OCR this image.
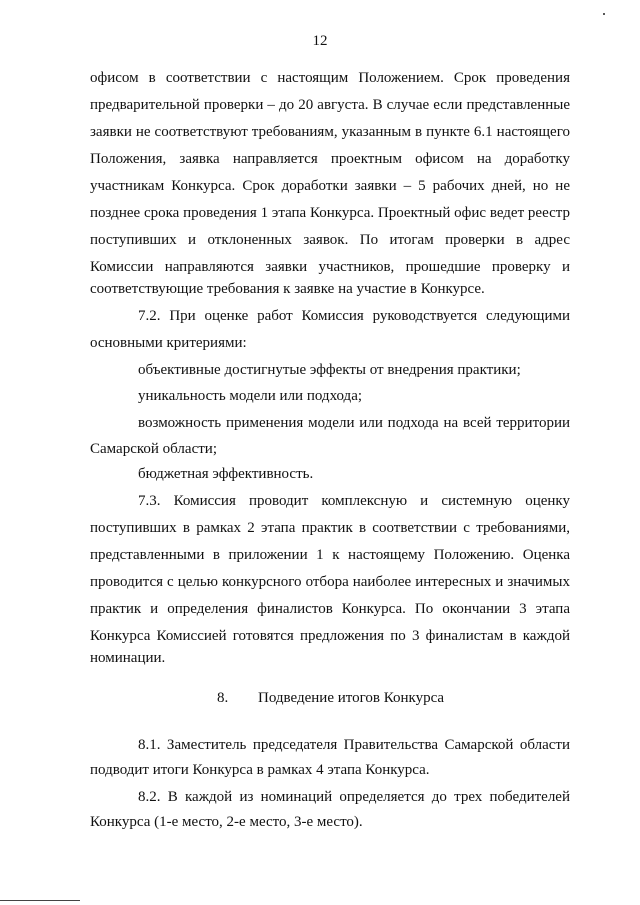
12
офисом в соответствии с настоящим Положением. Срок проведения
предварительной проверки – до 20 августа. В случае если представленные
заявки не соответствуют требованиям, указанным в пункте 6.1 настоящего
Положения, заявка направляется проектным офисом на доработку
участникам Конкурса. Срок доработки заявки – 5 рабочих дней, но не
позднее срока проведения 1 этапа Конкурса. Проектный офис ведет реестр
поступивших и отклоненных заявок. По итогам проверки в адрес
Комиссии направляются заявки участников, прошедшие проверку и
соответствующие требования к заявке на участие в Конкурсе.
7.2. При оценке работ Комиссия руководствуется следующими
основными критериями:
объективные достигнутые эффекты от внедрения практики;
уникальность модели или подхода;
возможность применения модели или подхода на всей территории
Самарской области;
бюджетная эффективность.
7.3. Комиссия проводит комплексную и системную оценку
поступивших в рамках 2 этапа практик в соответствии с требованиями,
представленными в приложении 1 к настоящему Положению. Оценка
проводится с целью конкурсного отбора наиболее интересных и значимых
практик и определения финалистов Конкурса. По окончании 3 этапа
Конкурса Комиссией готовятся предложения по 3 финалистам в каждой
номинации.
8. Подведение итогов Конкурса
8.1. Заместитель председателя Правительства Самарской области
подводит итоги Конкурса в рамках 4 этапа Конкурса.
8.2. В каждой из номинаций определяется до трех победителей
Конкурса (1-е место, 2-е место, 3-е место).
